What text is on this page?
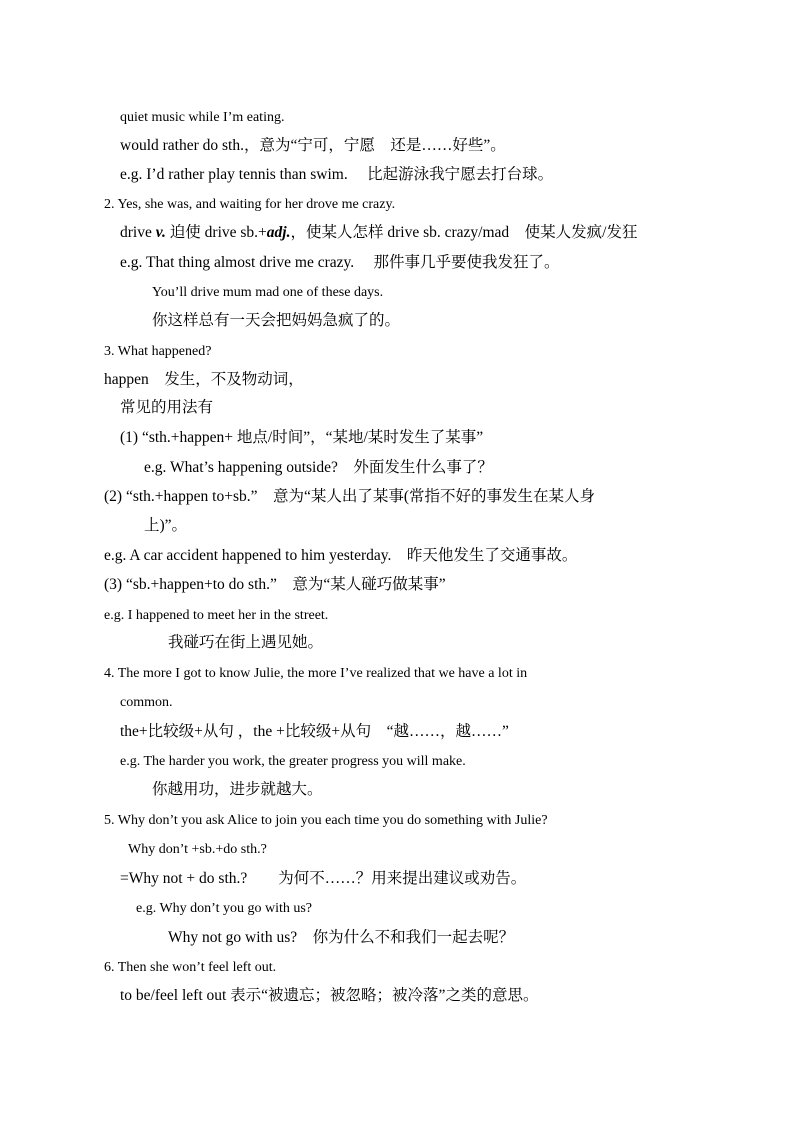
quiet music while I’m eating.
would rather do sth.，意为“宁可，宁愿　还是……好些”。
e.g. I’d rather play tennis than swim.　 比起游泳我宁愿去打台球。
2. Yes, she was, and waiting for her drove me crazy.
drive v. 迫使 drive sb.+adj.，使某人怎样 drive sb. crazy/mad　使某人发疯/发狂
e.g. That thing almost drive me crazy.　 那件事几乎要使我发狂了。
You’ll drive mum mad one of these days.
你这样总有一天会把妈妈急疯了的。
3. What happened?
happen　发生，不及物动词，
常见的用法有
(1) “sth.+happen+ 地点/时间”，“某地/某时发生了某事”
e.g. What’s happening outside?　外面发生什么事了？
(2) “sth.+happen to+sb.”　意为“某人出了某事(常指不好的事发生在某人身
上)”。
e.g. A car accident happened to him yesterday.　昨天他发生了交通事故。
(3) “sb.+happen+to do sth.”　意为“某人碰巧做某事”
e.g. I happened to meet her in the street.
我碰巧在街上遇见她。
4. The more I got to know Julie, the more I’ve realized that we have a lot in
common.
the+比较级+从句 ，the +比较级+从句　“越……，越……”
e.g. The harder you work, the greater progress you will make.
你越用功，进步就越大。
5. Why don’t you ask Alice to join you each time you do something with Julie?
Why don’t +sb.+do sth.?
=Why not + do sth.?　　为何不……？用来提出建议或劝告。
e.g. Why don’t you go with us?
Why not go with us?　你为什么不和我们一起去呢？
6. Then she won’t feel left out.
to be/feel left out 表示“被遗忘；被忽略；被冷落”之类的意思。
